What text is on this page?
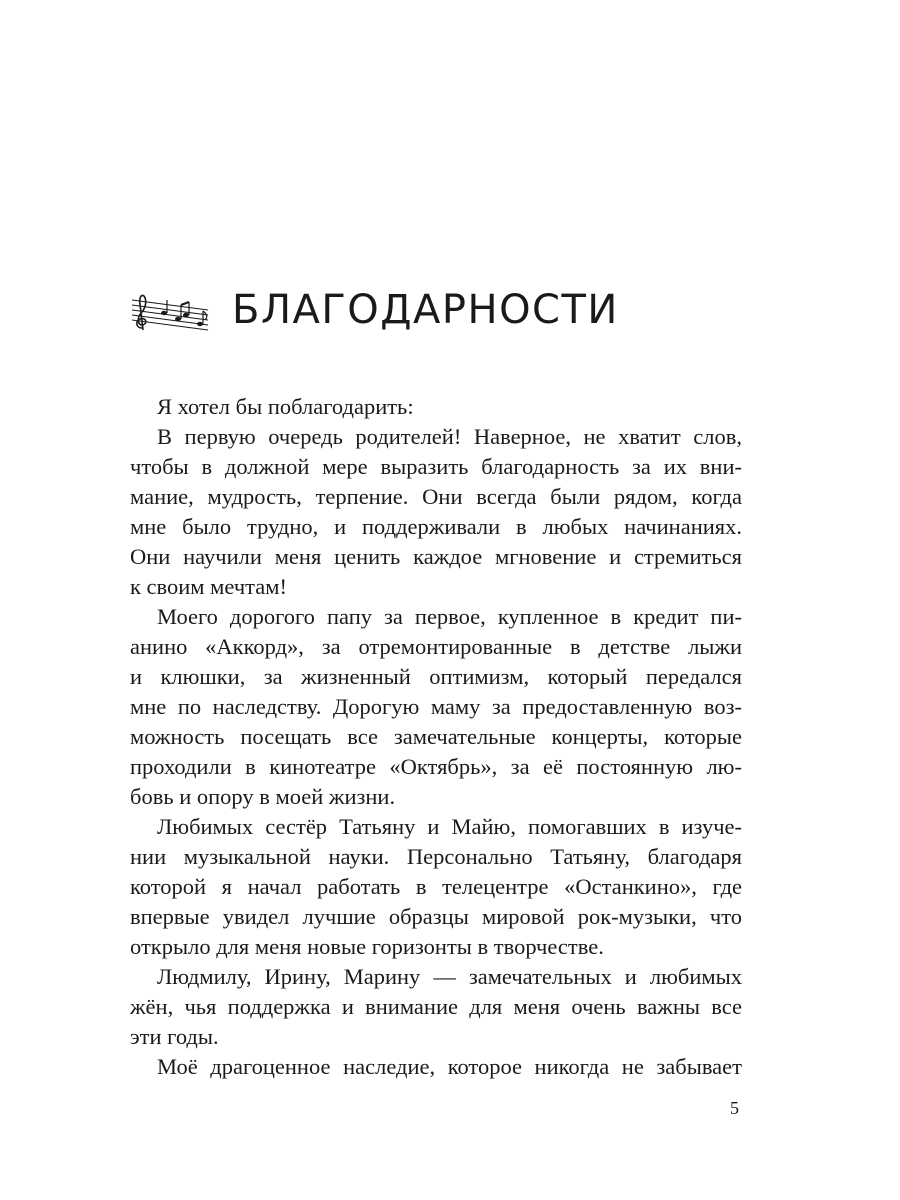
БЛАГОДАРНОСТИ
Я хотел бы поблагодарить:
В первую очередь родителей! Наверное, не хватит слов,
чтобы в должной мере выразить благодарность за их вни-
мание, мудрость, терпение. Они всегда были рядом, когда
мне было трудно, и поддерживали в любых начинаниях.
Они научили меня ценить каждое мгновение и стремиться
к своим мечтам!
Моего дорогого папу за первое, купленное в кредит пи-
анино «Аккорд», за отремонтированные в детстве лыжи
и клюшки, за жизненный оптимизм, который передался
мне по наследству. Дорогую маму за предоставленную воз-
можность посещать все замечательные концерты, которые
проходили в кинотеатре «Октябрь», за её постоянную лю-
бовь и опору в моей жизни.
Любимых сестёр Татьяну и Майю, помогавших в изуче-
нии музыкальной науки. Персонально Татьяну, благодаря
которой я начал работать в телецентре «Останкино», где
впервые увидел лучшие образцы мировой рок-музыки, что
открыло для меня новые горизонты в творчестве.
Людмилу, Ирину, Марину — замечательных и любимых
жён, чья поддержка и внимание для меня очень важны все
эти годы.
Моё драгоценное наследие, которое никогда не забывает
5
